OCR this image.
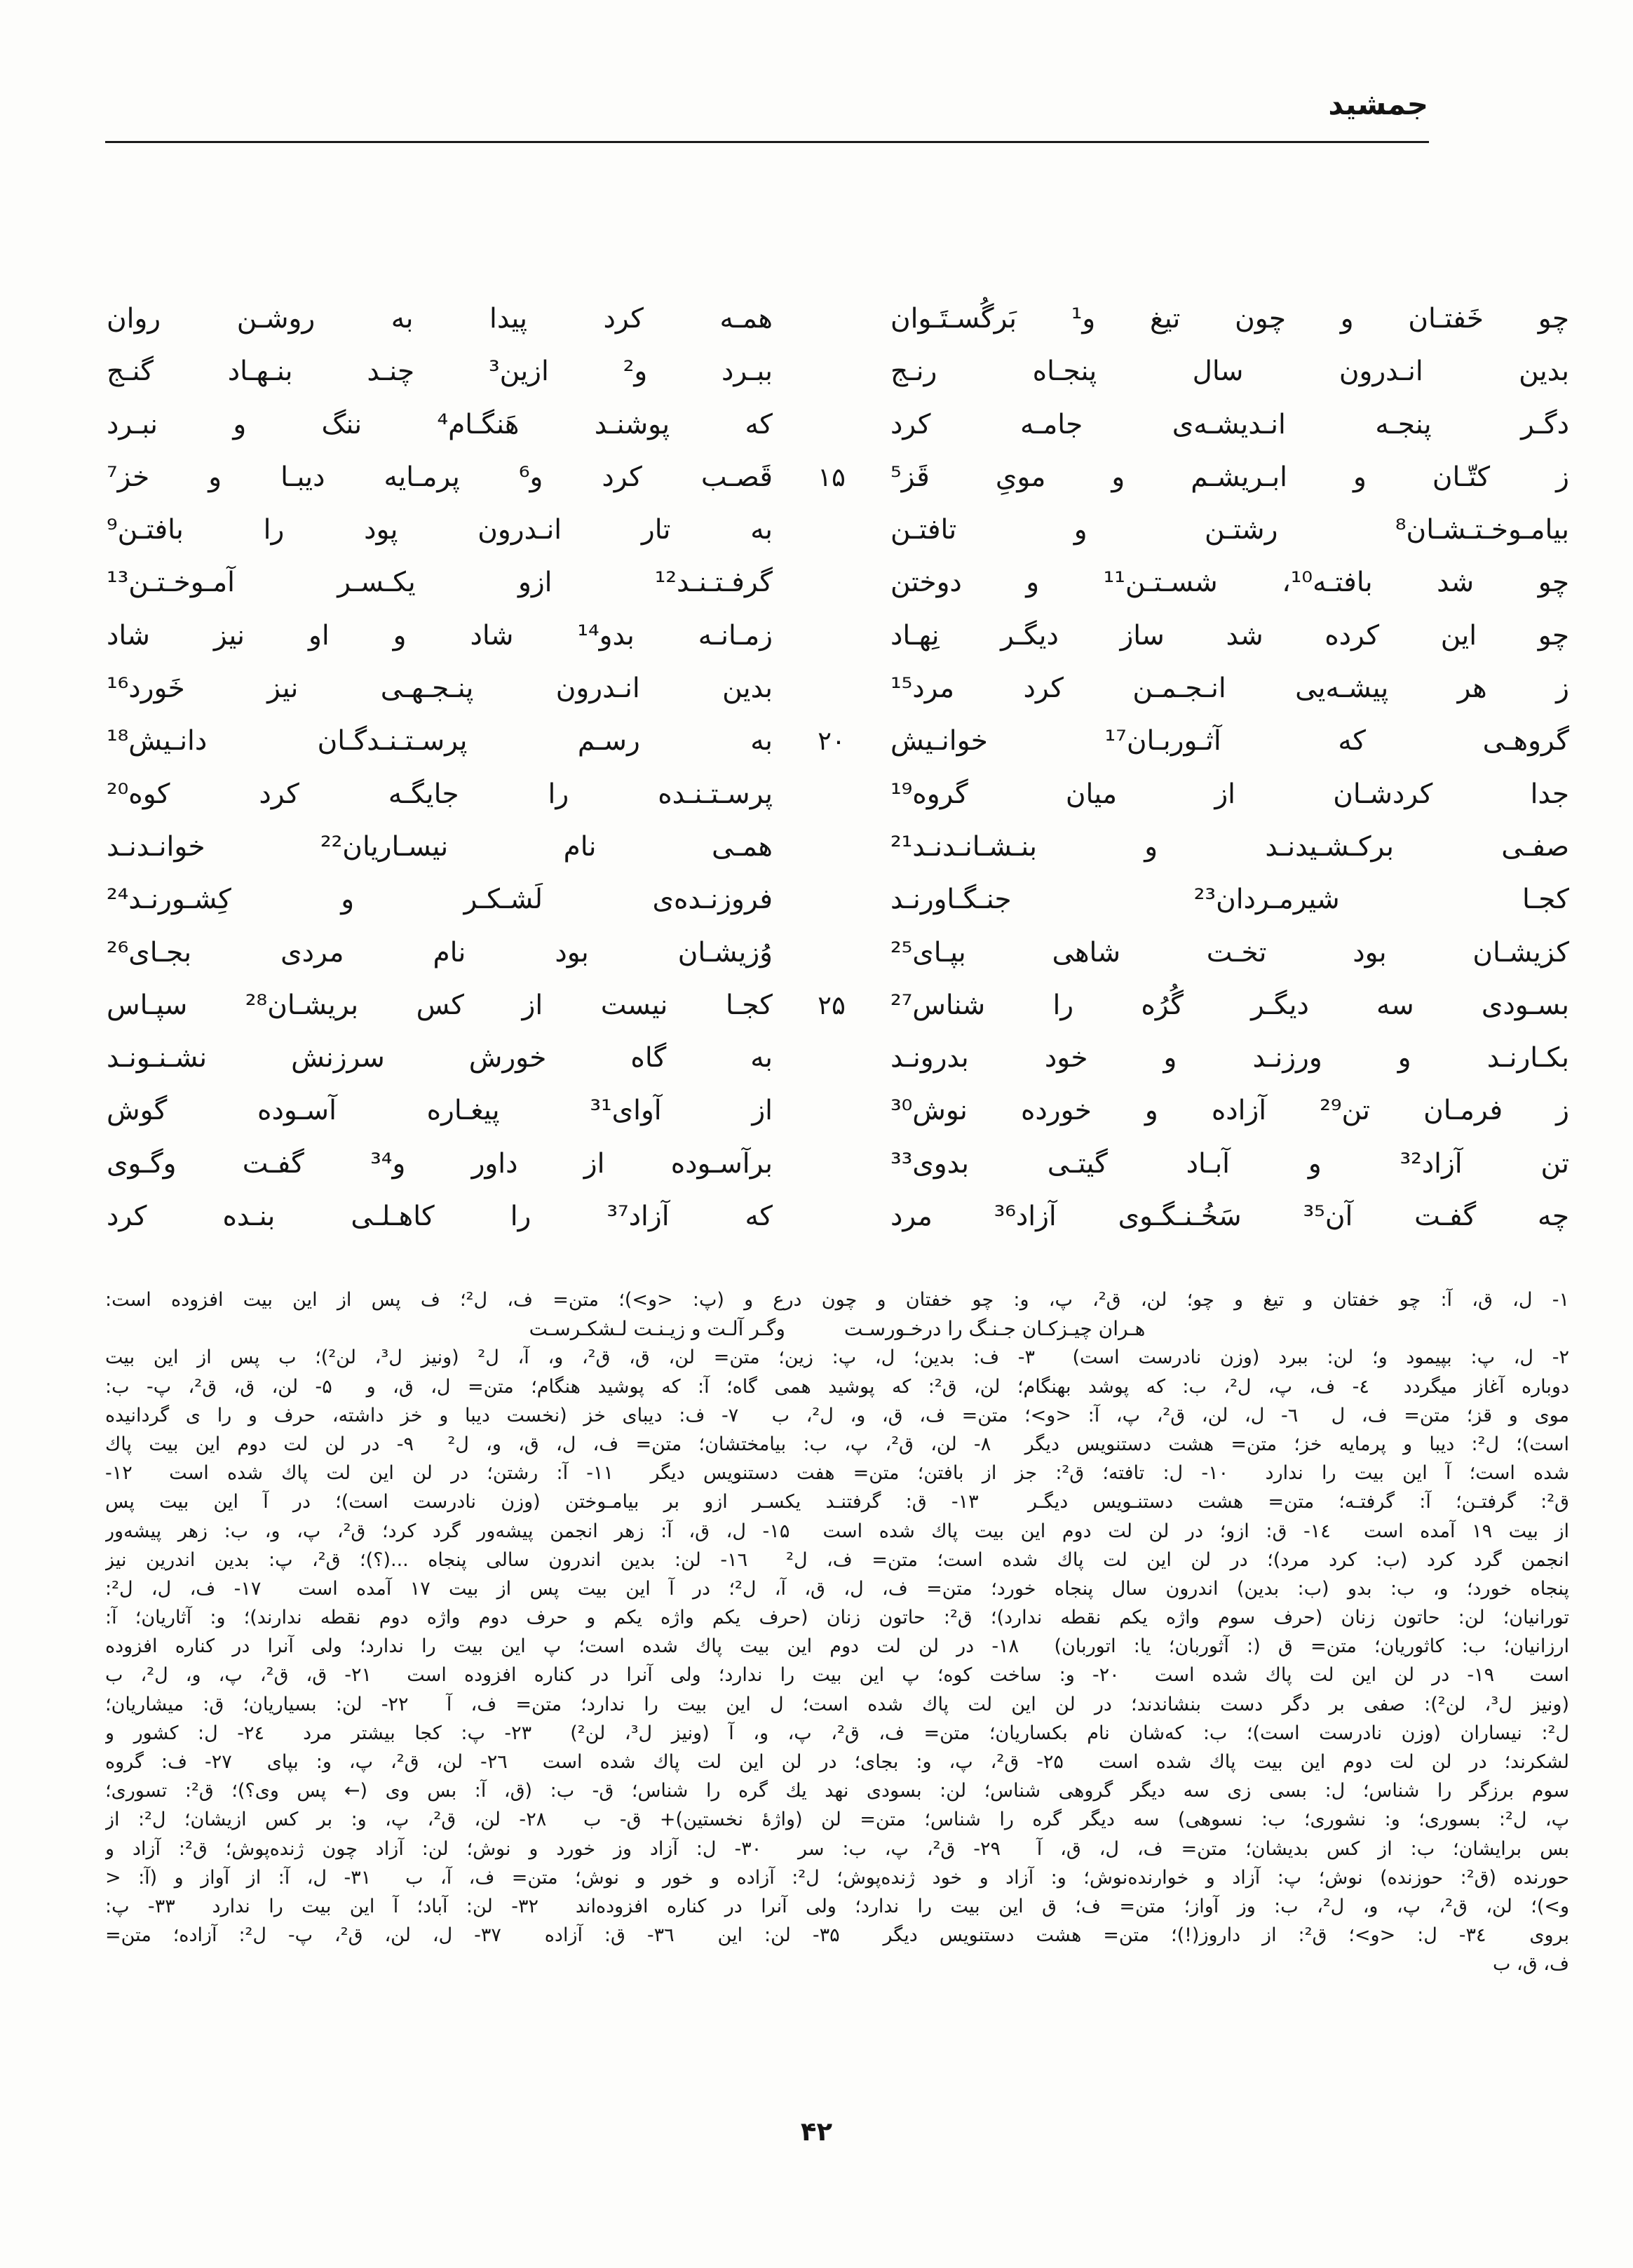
جمشید
چو خَفتـان و چون تیغ و¹ بَرگُسـتَـوان
همـه کرد پیدا به روشـن روان
بدین انـدرون سال پنجـاه رنـج
ببـرد و² ازین³ چنـد بنـهـاد گنـج
دگـر پنجـه انـدیشـه‌ی جامـه کرد
که پوشنـد هَنگـام⁴ ننگ و نبـرد
ز کتّـان و ابـریشـم و مویِ قَز⁵
۱۵
قَصـب کرد و⁶ پرمـایه دیبـا و خز⁷
بیامـوخـتـشـان⁸ رشتـن و تافتـن
به تار انـدرون پود را بافتـن⁹
چو شد بافتـه¹⁰، شسـتـن¹¹ و دوختن
گرفـتـنـد¹² ازو یکـسـر آمـوخـتـن¹³
چو این کرده شد ساز دیگـر نِهـاد
زمـانـه بدو¹⁴ شاد و او نیز شاد
ز هر پیشـه‌یی انـجـمـن کرد مرد¹⁵
بدین انـدرون پنـجـهـی نیز خَورد¹⁶
گروهـی که آثـوربـان¹⁷ خوانـیش
۲۰
به رسـم پرسـتـنـدگـان دانـیش¹⁸
جدا کردشـان از میان گروه¹⁹
پرسـتـنـده را جایگـه کرد کوه²⁰
صفـی برکـشـیدنـد و بنـشـانـدنـد²¹
همـی نام نیسـاریان²² خوانـدنـد
کجـا شیرمـردان²³ جنـگـاورنـد
فروزنـده‌ی لَشـکـر و کِشـورنـد²⁴
کزیشـان بود تخـت شاهی بپـای²⁵
وُزیشـان بود نام مردی بجـای²⁶
بسـودی سه دیگـر گُرُه را شناس²⁷
۲۵
کجـا نیست از کس بریشـان²⁸ سپـاس
بکـارنـد و ورزنـد و خود بدرونـد
به گاه خورش سرزنش نشـنـونـد
ز فرمـان تن²⁹ آزاده و خورده نوش³⁰
از آوای³¹ پیغـاره آسـوده گوش
تن آزاد³² و آبـاد گیتـی بدوی³³
برآسـوده از داور و³⁴ گفـت وگـوی
چه گفـت آن³⁵ سَخُـنـگـوی آزاد³⁶ مرد
که آزاد³⁷ را کاهـلـی بنـده کرد
۱- ل، ق، آ: چو خفتان و تیغ و چو؛ لن، ق²، پ، و: چو خفتان و چون درع و (پ: <و>)؛ متن= ف، ل²؛ ف پس از این بیت افزوده است:
هـران چیـزکـان جـنـگ را درخـورسـت
وگـر آلـت و زیـنـت لـشکـرسـت
۲- ل، پ: بپیمود و؛ لن: ببرد (وزن نادرست است) ‌ ۳- ف: بدین؛ ل، پ: زین؛ متن= لن، ق، ق²، و، آ، ل² (ونیز ل³، لن²)؛ ب پس از این بیت
دوباره آغاز میگردد ‌ ٤- ف، پ، ل²، ب: که پوشد بهنگام؛ لن، ق²: که پوشید همی گاه؛ آ: که پوشید هنگام؛ متن= ل، ق، و ‌ ۵- لن، ق، ق²، پ- ب:
موی و قز؛ متن= ف، ل ‌ ٦- ل، لن، ق²، پ، آ: <و>؛ متن= ف، ق، و، ل²، ب ‌ ۷- ف: دیبای خز (نخست دیبا و خز داشته، حرف و را ی گردانیده
است)؛ ل²: دیبا و پرمایه خز؛ متن= هشت دستنویس دیگر ‌ ۸- لن، ق²، پ، ب: بیامختشان؛ متن= ف، ل، ق، و، ل² ‌ ۹- در لن لت دوم این بیت پاك
شده است؛ آ این بیت را ندارد ‌ ۱۰- ل: تافته؛ ق²: جز از بافتن؛ متن= هفت دستنویس دیگر ‌ ۱۱- آ: رشتن؛ در لن این لت پاك شده است ‌ ۱۲-
ق²: گرفتـن؛ آ: گرفتـه؛ متن= هشت دستنـویس دیگـر ‌ ۱۳- ق: گرفتنـد یکسـر ازو بر بیامـوختن (وزن نادرست است)؛ در آ این بیت پس
از بیت ۱۹ آمده است ‌ ۱٤- ق: ازو؛ در لن لت دوم این بیت پاك شده است ‌ ۱۵- ل، ق، آ: زهر انجمن پیشه‌ور گرد کرد؛ ق²، پ، و، ب: زهر پیشه‌ور
انجمن گرد کرد (ب: کرد مرد)؛ در لن این لت پاك شده است؛ متن= ف، ل² ‌ ۱٦- لن: بدین اندرون سالی پنجاه ...(؟)؛ ق²، پ: بدین اندرین نیز
پنجاه خورد؛ و، ب: بدو (ب: بدین) اندرون سال پنجاه خورد؛ متن= ف، ل، ق، آ، ل²؛ در آ این بیت پس از بیت ۱۷ آمده است ‌ ۱۷- ف، ل، ل²:
تورانیان؛ لن: حاتون زنان (حرف سوم واژه یکم نقطه ندارد)؛ ق²: حاتون زنان (حرف یکم واژه یکم و حرف دوم واژه دوم نقطه ندارند)؛ و: آثاریان؛ آ:
ارزانیان؛ ب: کاثوریان؛ متن= ق (: آثوربان؛ یا: اتوربان) ‌ ۱۸- در لن لت دوم این بیت پاك شده است؛ پ این بیت را ندارد؛ ولی آنرا در کناره افزوده
است ‌ ۱۹- در لن این لت پاك شده است ‌ ۲۰- و: ساخت کوه؛ پ این بیت را ندارد؛ ولی آنرا در کناره افزوده است ‌ ۲۱- ق، ق²، پ، و، ل²، ب
(ونیز ل³، لن²): صفی بر دگر دست بنشاندند؛ در لن این لت پاك شده است؛ ل این بیت را ندارد؛ متن= ف، آ ‌ ۲۲- لن: بسیاریان؛ ق: میشاریان؛
ل²: نیساران (وزن نادرست است)؛ ب: که‌شان نام بکساریان؛ متن= ف، ق²، پ، و، آ (ونیز ل³، لن²) ‌ ۲۳- پ: کجا بیشتر مرد ‌ ۲٤- ل: کشور و
لشکرند؛ در لن لت دوم این بیت پاك شده است ‌ ۲۵- ق²، پ، و: بجای؛ در لن این لت پاك شده است ‌ ۲٦- لن، ق²، پ، و: بپای ‌ ۲۷- ف: گروه
سوم برزگر را شناس؛ ل: بسی زی سه دیگر گروهی شناس؛ لن: بسودی نهد یك گره را شناس؛ ق- ب: (ق، آ: بس وی (← پس وی؟)؛ ق²: تسوری؛
پ، ل²: بسوری؛ و: نشوری؛ ب: نسوهی) سه دیگر گره را شناس؛ متن= لن (واژهٔ نخستین)+ ق- ب ‌ ۲۸- لن، ق²، پ، و: بر کس ازیشان؛ ل²: از
بس برایشان؛ ب: از کس بدیشان؛ متن= ف، ل، ق، آ ‌ ۲۹- ق²، پ، ب: سر ‌ ۳۰- ل: آزاد وز خورد و نوش؛ لن: آزاد چون ژنده‌پوش؛ ق²: آزاد و
حورنده (ق²: حوزنده) نوش؛ پ: آزاد و خوارنده‌نوش؛ و: آزاد و خود ژنده‌پوش؛ ل²: آزاده و خور و نوش؛ متن= ف، آ، ب ‌ ۳۱- ل، آ: از آواز و (آ: <
و>)؛ لن، ق²، پ، و، ل²، ب: وز آواز؛ متن= ف؛ ق این بیت را ندارد؛ ولی آنرا در کناره افزوده‌اند ‌ ۳۲- لن: آباد؛ آ این بیت را ندارد ‌ ۳۳- پ:
بروی ‌ ۳٤- ل: <و>؛ ق²: از داروز(!)؛ متن= هشت دستنویس دیگر ‌ ۳۵- لن: این ‌ ۳٦- ق: آزاده ‌ ۳۷- ل، لن، ق²، پ- ل²: آزاده؛ متن=
ف، ق، ب
۴۲
